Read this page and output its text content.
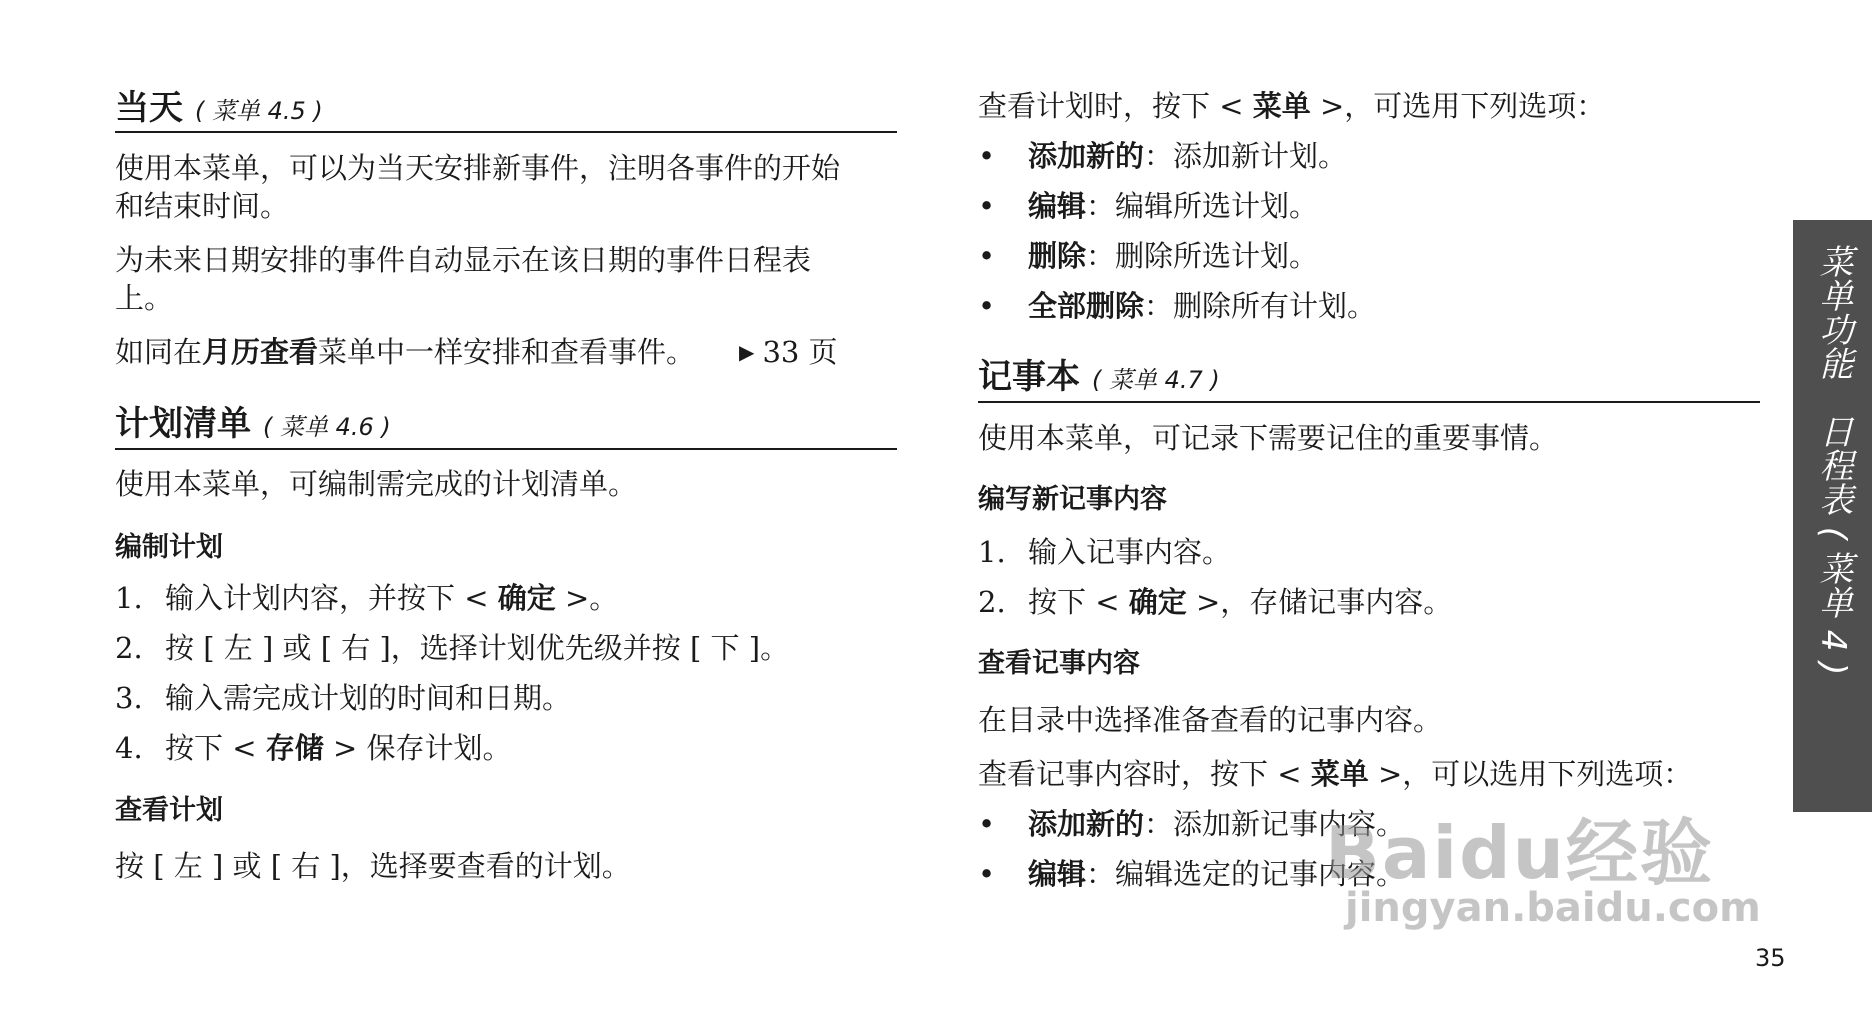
当天 ( 菜单 4.5 )
使用本菜单，可以为当天安排新事件，注明各事件的开始
和结束时间。
为未来日期安排的事件自动显示在该日期的事件日程表
上。
如同在月历查看菜单中一样安排和查看事件。 ▶ 33 页
计划清单 ( 菜单 4.6 )
使用本菜单，可编制需完成的计划清单。
编制计划
1. 输入计划内容，并按下 < 确定 >。
2. 按 [ 左 ] 或 [ 右 ]，选择计划优先级并按 [ 下 ]。
3. 输入需完成计划的时间和日期。
4. 按下 < 存储 > 保存计划。
查看计划
按 [ 左 ] 或 [ 右 ]，选择要查看的计划。
查看计划时，按下 < 菜单 >，可选用下列选项：
• 添加新的：添加新计划。
• 编辑：编辑所选计划。
• 删除：删除所选计划。
• 全部删除：删除所有计划。
记事本 ( 菜单 4.7 )
使用本菜单，可记录下需要记住的重要事情。
编写新记事内容
1. 输入记事内容。
2. 按下 < 确定 >，存储记事内容。
查看记事内容
在目录中选择准备查看的记事内容。
查看记事内容时，按下 < 菜单 >，可以选用下列选项：
• 添加新的：添加新记事内容。
• 编辑：编辑选定的记事内容。
菜单功能日程表 ( 菜单 4 )
Baidu经验
jingyan.baidu.com
35
